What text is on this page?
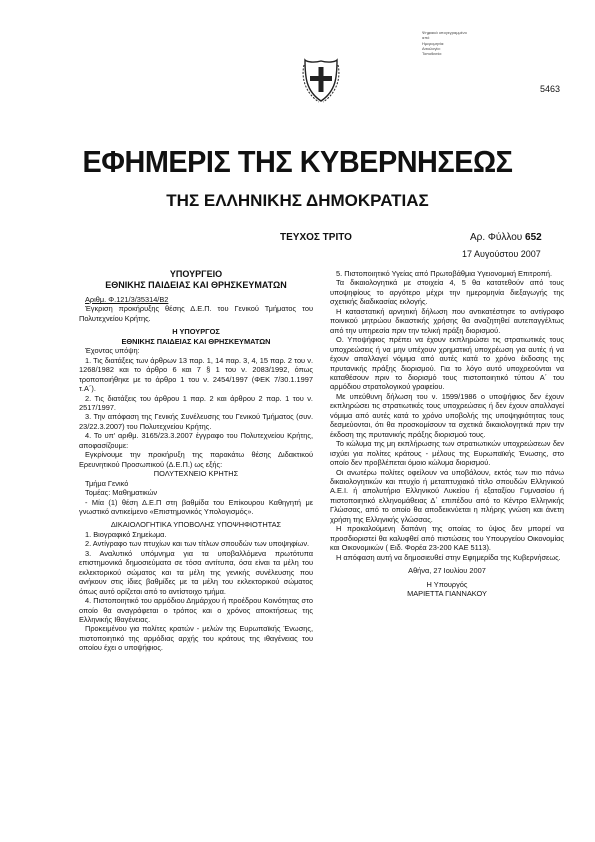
Ψηφιακά υπογεγραμμένο
από
Ημερομηνία:
Αιτιολογία:
Τοποθεσία:
5463
ΕΦΗΜΕΡΙΣ ΤΗΣ ΚΥΒΕΡΝΗΣΕΩΣ
ΤΗΣ ΕΛΛΗΝΙΚΗΣ ΔΗΜΟΚΡΑΤΙΑΣ
ΤΕΥΧΟΣ ΤΡΙΤΟ	Αρ. Φύλλου 652
17 Αυγούστου 2007

ΥΠΟΥΡΓΕΙΟ

ΕΘΝΙΚΗΣ ΠΑΙΔΕΙΑΣ ΚΑΙ ΘΡΗΣΚΕΥΜΑΤΩΝ

Αριθμ. Φ.121/3/35314/Β2

Έγκριση προκήρυξης θέσης Δ.Ε.Π. του Γενικού Τμήματος του Πολυτεχνείου Κρήτης.

Η ΥΠΟΥΡΓΟΣ

ΕΘΝΙΚΗΣ ΠΑΙΔΕΙΑΣ ΚΑΙ ΘΡΗΣΚΕΥΜΑΤΩΝ

Έχοντας υπόψη:

1. Τις διατάξεις των άρθρων 13 παρ. 1, 14 παρ. 3, 4, 15 παρ. 2 του ν. 1268/1982 και το άρθρο 6 και 7 § 1 του ν. 2083/1992, όπως τροποποιήθηκε με το άρθρο 1 του ν. 2454/1997 (ΦΕΚ 7/30.1.1997 τ.Α΄).

2. Τις διατάξεις του άρθρου 1 παρ. 2 και άρθρου 2 παρ. 1 του ν. 2517/1997.

3. Την απόφαση της Γενικής Συνέλευσης του Γενικού Τμήματος (συν. 23/22.3.2007) του Πολυτεχνείου Κρήτης.

4. Το υπ' αριθμ. 3165/23.3.2007 έγγραφο του Πολυτεχνείου Κρήτης, αποφασίζουμε:

Εγκρίνουμε την προκήρυξη της παρακάτω θέσης Διδακτικού Ερευνητικού Προσωπικού (Δ.Ε.Π.) ως εξής:

ΠΟΛΥΤΕΧΝΕΙΟ ΚΡΗΤΗΣ

Τμήμα Γενικό

Τομέας: Μαθηματικών

- Μία (1) θέση Δ.Ε.Π στη βαθμίδα του Επίκουρου Καθηγητή με γνωστικό αντικείμενο «Επιστημονικός Υπολογισμός».

ΔΙΚΑΙΟΛΟΓΗΤΙΚΑ ΥΠΟΒΟΛΗΣ ΥΠΟΨΗΦΙΟΤΗΤΑΣ

1. Βιογραφικό Σημείωμα.

2. Αντίγραφο των πτυχίων και των τίτλων σπουδών των υποψηφίων.

3. Αναλυτικό υπόμνημα για τα υποβαλλόμενα πρωτότυπα επιστημονικά δημοσιεύματα σε τόσα αντίτυπα, όσα είναι τα μέλη του εκλεκτορικού σώματος και τα μέλη της γενικής συνέλευσης που ανήκουν στις ίδιες βαθμίδες με τα μέλη του εκλεκτορικού σώματος όπως αυτό ορίζεται από το αντίστοιχο τμήμα.

4. Πιστοποιητικό του αρμόδιου Δημάρχου ή προέδρου Κοινότητας στο οποίο θα αναγράφεται ο τρόπος και ο χρόνος αποκτήσεως της Ελληνικής Ιθαγένειας.

Προκειμένου για πολίτες κρατών - μελών της Ευρωπαϊκής Ένωσης, πιστοποιητικό της αρμόδιας αρχής του κράτους της ιθαγένειας του οποίου έχει ο υποψήφιος.

5. Πιστοποιητικό Υγείας από Πρωτοβάθμια Υγειονομική Επιτροπή.

Τα δικαιολογητικά με στοιχεία 4, 5 θα κατατεθούν από τους υποψηφίους το αργότερο μέχρι την ημερομηνία διεξαγωγής της σχετικής διαδικασίας εκλογής.

Η καταστατική αρνητική δήλωση που αντικατέστησε το αντίγραφο ποινικού μητρώου δικαστικής χρήσης θα αναζητηθεί αυτεπαγγέλτως από την υπηρεσία πριν την τελική πράξη διορισμού.

Ο. Υποψήφιος πρέπει να έχουν εκπληρώσει τις στρατιωτικές τους υποχρεώσεις ή να μην υπέχουν χρηματική υποχρέωση για αυτές ή να έχουν απαλλαγεί νόμιμα από αυτές κατά το χρόνο έκδοσης της πρυτανικής πράξης διορισμού. Για το λόγο αυτό υποχρεούνται να καταθέσουν πριν το διορισμό τους πιστοποιητικό τύπου Α΄ του αρμόδιου στρατολογικού γραφείου.

Με υπεύθυνη δήλωση του ν. 1599/1986 ο υποψήφιος δεν έχουν εκπληρώσει τις στρατιωτικές τους υποχρεώσεις ή δεν έχουν απαλλαγεί νόμιμα από αυτές κατά το χρόνο υποβολής της υποψηφιότητας τους δεσμεύονται, ότι θα προσκομίσουν τα σχετικά δικαιολογητικά πριν την έκδοση της πρυτανικής πράξης διορισμού τους.

Το κώλυμα της μη εκπλήρωσης των στρατιωτικών υποχρεώσεων δεν ισχύει για πολίτες κράτους - μέλους της Ευρωπαϊκής Ένωσης, στο οποίο δεν προβλέπεται όμοιο κώλυμα διορισμού.

Οι ανωτέρω πολίτες οφείλουν να υποβάλουν, εκτός των πιο πάνω δικαιολογητικών και πτυχίο ή μεταπτυχιακό τίτλο σπουδών Ελληνικού Α.Ε.Ι. ή απολυτήριο Ελληνικού Λυκείου ή εξαταξίου Γυμνασίου ή πιστοποιητικό ελληνομάθειας Δ΄ επιπέδου από το Κέντρο Ελληνικής Γλώσσας, από το οποίο θα αποδεικνύεται η πλήρης γνώση και άνετη χρήση της Ελληνικής γλώσσας.

Η προκαλούμενη δαπάνη της οποίας το ύψος δεν μπορεί να προσδιοριστεί θα καλυφθεί από πιστώσεις του Υπουργείου Οικονομίας και Οικονομικών ( Ειδ. Φορέα 23-200 ΚΑΕ 5113).

Η απόφαση αυτή να δημοσιευθεί στην Εφημερίδα της Κυβερνήσεως.

Αθήνα, 27 Ιουλίου 2007

Η Υπουργός

ΜΑΡΙΕΤΤΑ ΓΙΑΝΝΑΚΟΥ
